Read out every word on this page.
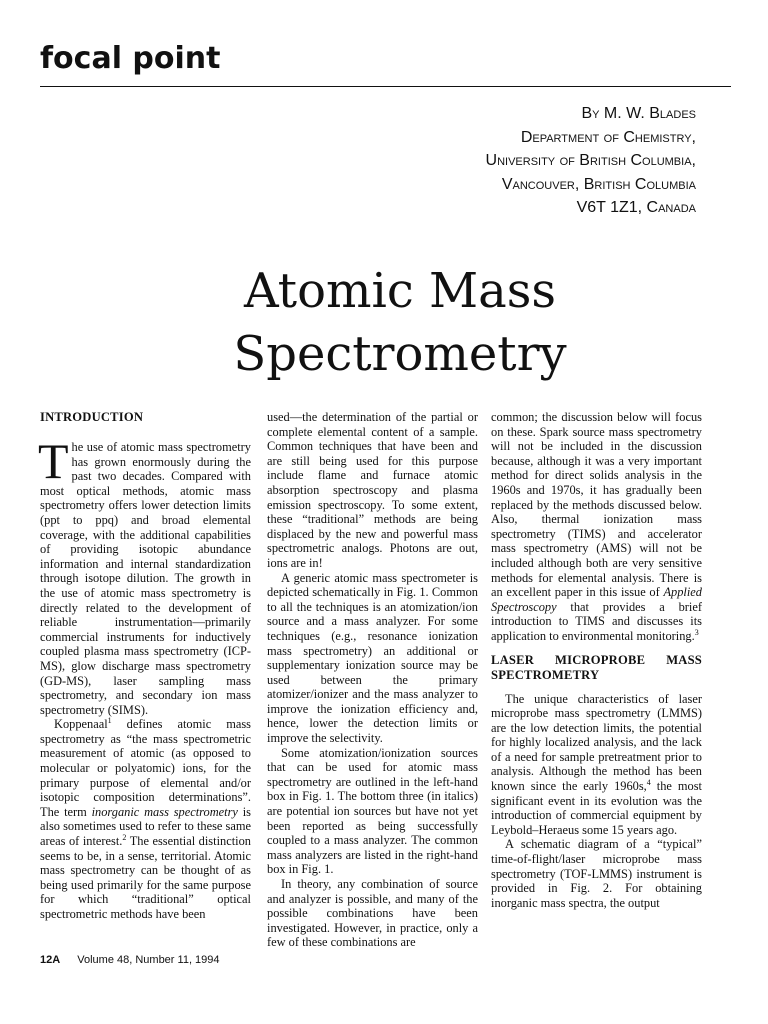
focal point
By M. W. Blades
Department of Chemistry,
University of British Columbia,
Vancouver, British Columbia
V6T 1Z1, Canada
Atomic Mass
Spectrometry
INTRODUCTION

The use of atomic mass spectrometry has grown enormously during the past two decades. Compared with most optical methods, atomic mass spectrometry offers lower detection limits (ppt to ppq) and broad elemental coverage, with the additional capabilities of providing isotopic abundance information and internal standardization through isotope dilution. The growth in the use of atomic mass spectrometry is directly related to the development of reliable instrumentation—primarily commercial instruments for inductively coupled plasma mass spectrometry (ICP-MS), glow discharge mass spectrometry (GD-MS), laser sampling mass spectrometry, and secondary ion mass spectrometry (SIMS).

Koppenaal$^1$ defines atomic mass spectrometry as “the mass spectrometric measurement of atomic (as opposed to molecular or polyatomic) ions, for the primary purpose of elemental and/or isotopic composition determinations”. The term inorganic mass spectrometry is also sometimes used to refer to these same areas of interest.$^2$ The essential distinction seems to be, in a sense, territorial. Atomic mass spectrometry can be thought of as being used primarily for the same purpose for which “traditional” optical spectrometric methods have been

used—the determination of the partial or complete elemental content of a sample. Common techniques that have been and are still being used for this purpose include flame and furnace atomic absorption spectroscopy and plasma emission spectroscopy. To some extent, these “traditional” methods are being displaced by the new and powerful mass spectrometric analogs. Photons are out, ions are in!

A generic atomic mass spectrometer is depicted schematically in Fig. 1. Common to all the techniques is an atomization/ion source and a mass analyzer. For some techniques (e.g., resonance ionization mass spectrometry) an additional or supplementary ionization source may be used between the primary atomizer/ionizer and the mass analyzer to improve the ionization efficiency and, hence, lower the detection limits or improve the selectivity.

Some atomization/ionization sources that can be used for atomic mass spectrometry are outlined in the left-hand box in Fig. 1. The bottom three (in italics) are potential ion sources but have not yet been reported as being successfully coupled to a mass analyzer. The common mass analyzers are listed in the right-hand box in Fig. 1.

In theory, any combination of source and analyzer is possible, and many of the possible combinations have been investigated. However, in practice, only a few of these combinations are

common; the discussion below will focus on these. Spark source mass spectrometry will not be included in the discussion because, although it was a very important method for direct solids analysis in the 1960s and 1970s, it has gradually been replaced by the methods discussed below. Also, thermal ionization mass spectrometry (TIMS) and accelerator mass spectrometry (AMS) will not be included although both are very sensitive methods for elemental analysis. There is an excellent paper in this issue of Applied Spectroscopy that provides a brief introduction to TIMS and discusses its application to environmental monitoring.$^3$

LASER MICROPROBE MASS SPECTROMETRY

The unique characteristics of laser microprobe mass spectrometry (LMMS) are the low detection limits, the potential for highly localized analysis, and the lack of a need for sample pretreatment prior to analysis. Although the method has been known since the early 1960s,$^4$ the most significant event in its evolution was the introduction of commercial equipment by Leybold–Heraeus some 15 years ago.

A schematic diagram of a “typical” time-of-flight/laser microprobe mass spectrometry (TOF-LMMS) instrument is provided in Fig. 2. For obtaining inorganic mass spectra, the output

12A Volume 48, Number 11, 1994
